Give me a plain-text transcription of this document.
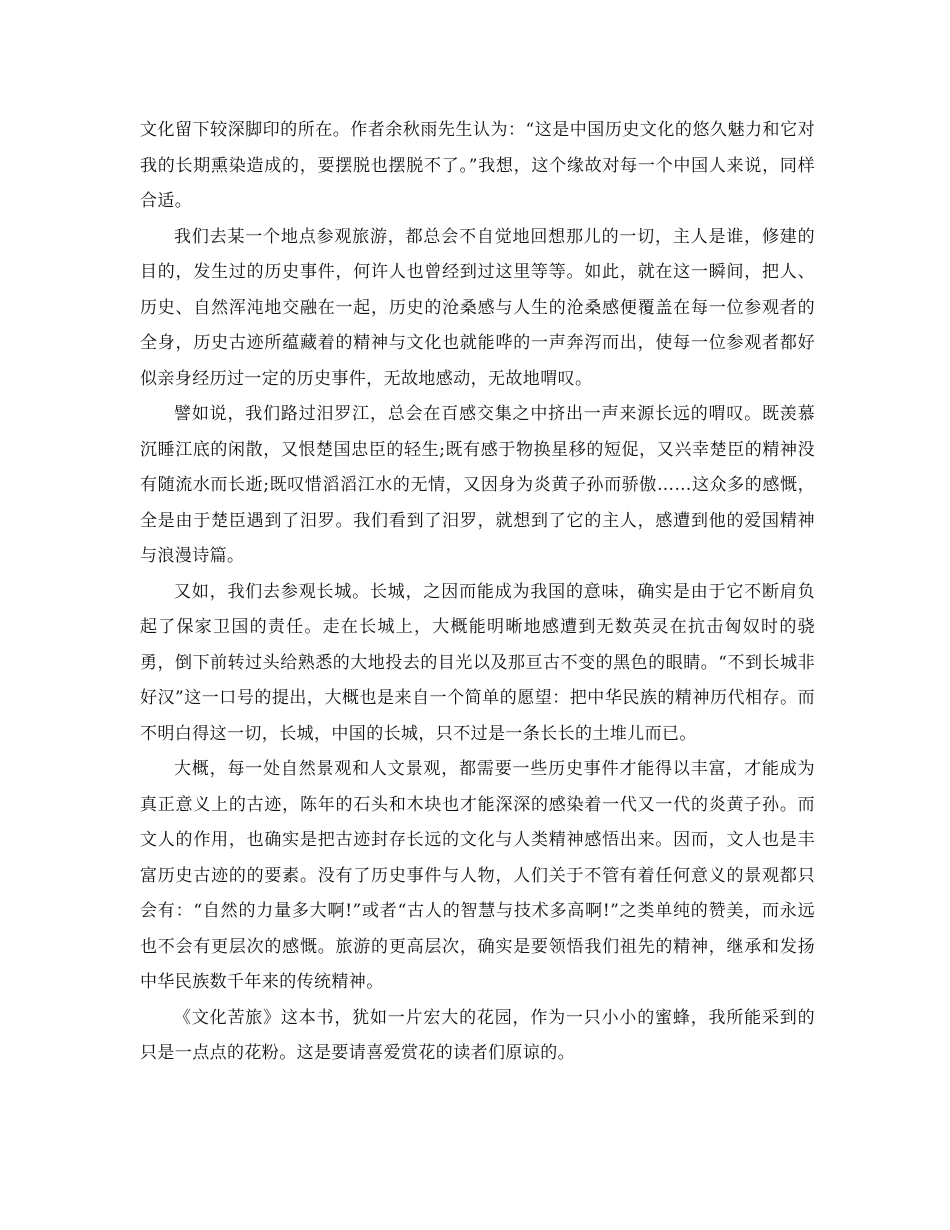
文化留下较深脚印的所在。作者余秋雨先生认为：“这是中国历史文化的悠久魅力和它对我的长期熏染造成的，要摆脱也摆脱不了。”我想，这个缘故对每一个中国人来说，同样合适。

我们去某一个地点参观旅游，都总会不自觉地回想那儿的一切，主人是谁，修建的目的，发生过的历史事件，何许人也曾经到过这里等等。如此，就在这一瞬间，把人、历史、自然浑沌地交融在一起，历史的沧桑感与人生的沧桑感便覆盖在每一位参观者的全身，历史古迹所蕴藏着的精神与文化也就能哗的一声奔泻而出，使每一位参观者都好似亲身经历过一定的历史事件，无故地感动，无故地喟叹。

譬如说，我们路过汨罗江，总会在百感交集之中挤出一声来源长远的喟叹。既羡慕沉睡江底的闲散，又恨楚国忠臣的轻生;既有感于物换星移的短促，又兴幸楚臣的精神没有随流水而长逝;既叹惜滔滔江水的无情，又因身为炎黄子孙而骄傲……这众多的感慨，全是由于楚臣遇到了汨罗。我们看到了汨罗，就想到了它的主人，感遭到他的爱国精神与浪漫诗篇。

又如，我们去参观长城。长城，之因而能成为我国的意味，确实是由于它不断肩负起了保家卫国的责任。走在长城上，大概能明晰地感遭到无数英灵在抗击匈奴时的骁勇，倒下前转过头给熟悉的大地投去的目光以及那亘古不变的黑色的眼睛。“不到长城非好汉”这一口号的提出，大概也是来自一个简单的愿望：把中华民族的精神历代相存。而不明白得这一切，长城，中国的长城，只不过是一条长长的土堆儿而已。

大概，每一处自然景观和人文景观，都需要一些历史事件才能得以丰富，才能成为真正意义上的古迹，陈年的石头和木块也才能深深的感染着一代又一代的炎黄子孙。而文人的作用，也确实是把古迹封存长远的文化与人类精神感悟出来。因而，文人也是丰富历史古迹的的要素。没有了历史事件与人物，人们关于不管有着任何意义的景观都只会有：“自然的力量多大啊!”或者“古人的智慧与技术多高啊!”之类单纯的赞美，而永远也不会有更层次的感慨。旅游的更高层次，确实是要领悟我们祖先的精神，继承和发扬中华民族数千年来的传统精神。

《文化苦旅》这本书，犹如一片宏大的花园，作为一只小小的蜜蜂，我所能采到的只是一点点的花粉。这是要请喜爱赏花的读者们原谅的。
